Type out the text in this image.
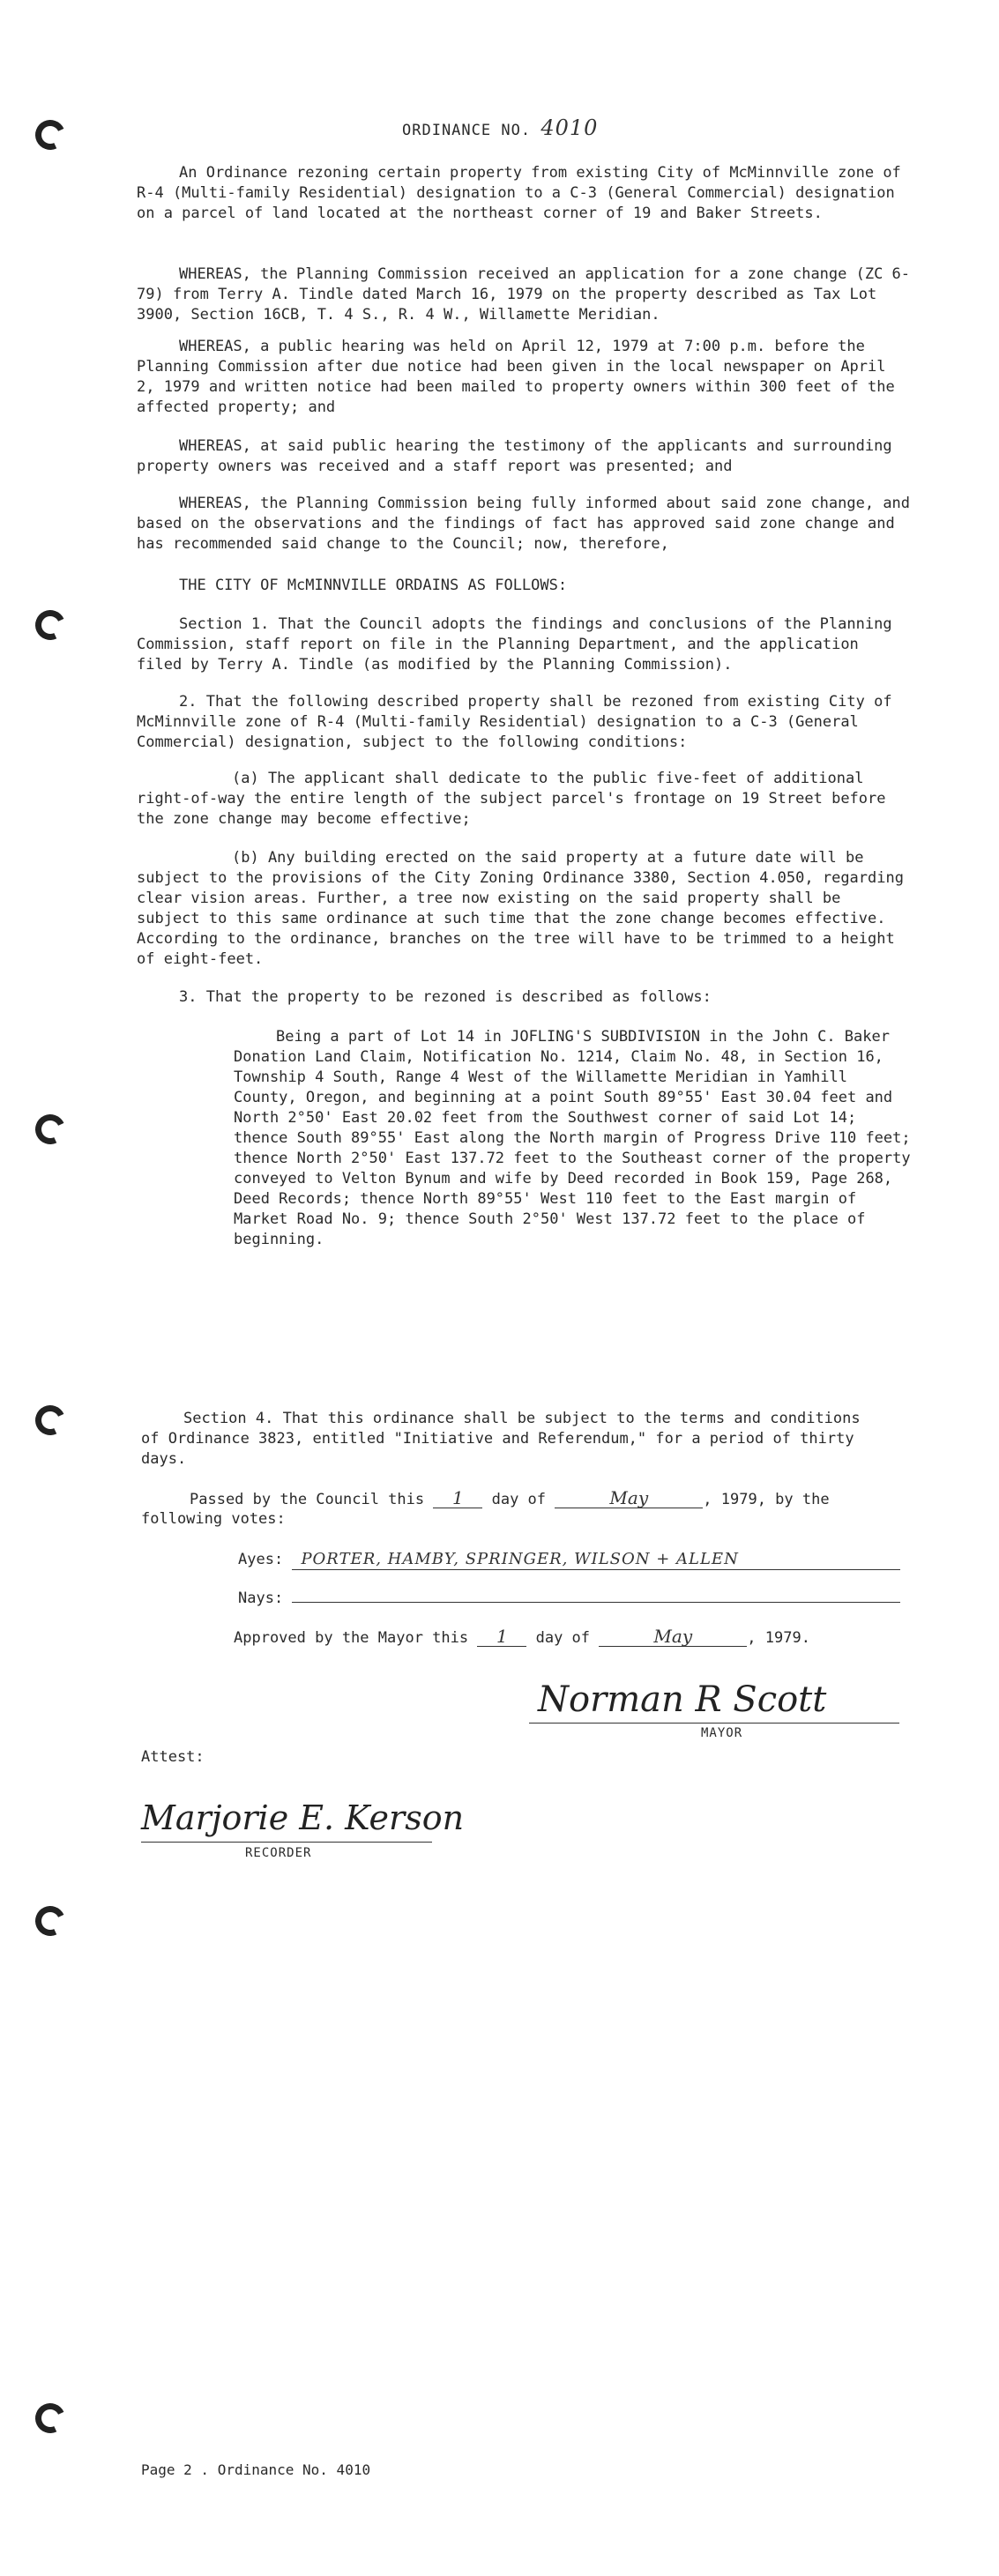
ORDINANCE NO. 4010

An Ordinance rezoning certain property from existing City of McMinnville zone of R-4 (Multi-family Residential) designation to a C-3 (General Commercial) designation on a parcel of land located at the northeast corner of 19 and Baker Streets.

WHEREAS, the Planning Commission received an application for a zone change (ZC 6-79) from Terry A. Tindle dated March 16, 1979 on the property described as Tax Lot 3900, Section 16CB, T. 4 S., R. 4 W., Willamette Meridian.

WHEREAS, a public hearing was held on April 12, 1979 at 7:00 p.m. before the Planning Commission after due notice had been given in the local newspaper on April 2, 1979 and written notice had been mailed to property owners within 300 feet of the affected property; and

WHEREAS, at said public hearing the testimony of the applicants and surrounding property owners was received and a staff report was presented; and

WHEREAS, the Planning Commission being fully informed about said zone change, and based on the observations and the findings of fact has approved said zone change and has recommended said change to the Council; now, therefore,

THE CITY OF McMINNVILLE ORDAINS AS FOLLOWS:

Section 1. That the Council adopts the findings and conclusions of the Planning Commission, staff report on file in the Planning Department, and the application filed by Terry A. Tindle (as modified by the Planning Commission).

2. That the following described property shall be rezoned from existing City of McMinnville zone of R-4 (Multi-family Residential) designation to a C-3 (General Commercial) designation, subject to the following conditions:

(a) The applicant shall dedicate to the public five-feet of additional right-of-way the entire length of the subject parcel's frontage on 19 Street before the zone change may become effective;

(b) Any building erected on the said property at a future date will be subject to the provisions of the City Zoning Ordinance 3380, Section 4.050, regarding clear vision areas. Further, a tree now existing on the said property shall be subject to this same ordinance at such time that the zone change becomes effective. According to the ordinance, branches on the tree will have to be trimmed to a height of eight-feet.

3. That the property to be rezoned is described as follows:

Being a part of Lot 14 in JOFLING'S SUBDIVISION in the John C. Baker Donation Land Claim, Notification No. 1214, Claim No. 48, in Section 16, Township 4 South, Range 4 West of the Willamette Meridian in Yamhill County, Oregon, and beginning at a point South 89°55' East 30.04 feet and North 2°50' East 20.02 feet from the Southwest corner of said Lot 14; thence South 89°55' East along the North margin of Progress Drive 110 feet; thence North 2°50' East 137.72 feet to the Southeast corner of the property conveyed to Velton Bynum and wife by Deed recorded in Book 159, Page 268, Deed Records; thence North 89°55' West 110 feet to the East margin of Market Road No. 9; thence South 2°50' West 137.72 feet to the place of beginning.

Section 4. That this ordinance shall be subject to the terms and conditions of Ordinance 3823, entitled "Initiative and Referendum," for a period of thirty days.

Passed by the Council this 1 day of	May	, 1979, by the
following votes:
Ayes: PORTER, HAMBY, SPRINGER, WILSON + ALLEN
Nays:
Approved by the Mayor this 1 day of	May	, 1979.
Norman R Scott
MAYOR
Attest:
Marjorie E. Kerson
RECORDER
Page 2 . Ordinance No. 4010
